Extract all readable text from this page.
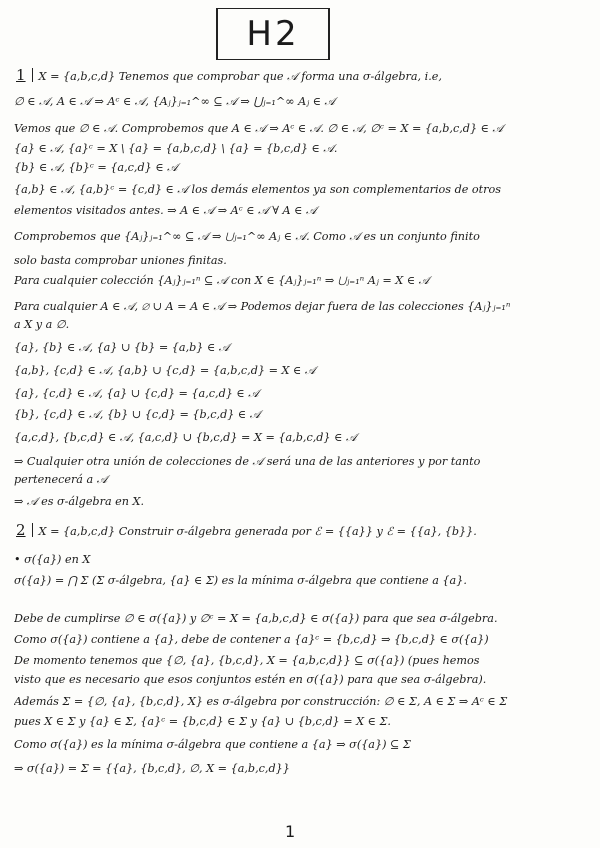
H2
1 X = {a,b,c,d} Tenemos que comprobar que 𝒜 forma una σ-álgebra, i.e,
∅ ∈ 𝒜, A ∈ 𝒜 ⇒ Aᶜ ∈ 𝒜, {Aⱼ}ⱼ₌₁^∞ ⊆ 𝒜 ⇒ ⋃ⱼ₌₁^∞ Aⱼ ∈ 𝒜
Vemos que ∅ ∈ 𝒜. Comprobemos que A ∈ 𝒜 ⇒ Aᶜ ∈ 𝒜. ∅ ∈ 𝒜, ∅ᶜ = X = {a,b,c,d} ∈ 𝒜
{a} ∈ 𝒜, {a}ᶜ = X \ {a} = {a,b,c,d} \ {a} = {b,c,d} ∈ 𝒜.
{b} ∈ 𝒜, {b}ᶜ = {a,c,d} ∈ 𝒜
{a,b} ∈ 𝒜, {a,b}ᶜ = {c,d} ∈ 𝒜 los demás elementos ya son complementarios de otros
elementos visitados antes. ⇒ A ∈ 𝒜 ⇒ Aᶜ ∈ 𝒜 ∀ A ∈ 𝒜
Comprobemos que {Aⱼ}ⱼ₌₁^∞ ⊆ 𝒜 ⇒ ⋃ⱼ₌₁^∞ Aⱼ ∈ 𝒜. Como 𝒜 es un conjunto finito
solo basta comprobar uniones finitas.
Para cualquier colección {Aⱼ}ⱼ₌₁ⁿ ⊆ 𝒜 con X ∈ {Aⱼ}ⱼ₌₁ⁿ ⇒ ⋃ⱼ₌₁ⁿ Aⱼ = X ∈ 𝒜
Para cualquier A ∈ 𝒜, ∅ ∪ A = A ∈ 𝒜 ⇒ Podemos dejar fuera de las colecciones {Aⱼ}ⱼ₌₁ⁿ
a X y a ∅.
{a}, {b} ∈ 𝒜, {a} ∪ {b} = {a,b} ∈ 𝒜
{a,b}, {c,d} ∈ 𝒜, {a,b} ∪ {c,d} = {a,b,c,d} = X ∈ 𝒜
{a}, {c,d} ∈ 𝒜, {a} ∪ {c,d} = {a,c,d} ∈ 𝒜
{b}, {c,d} ∈ 𝒜, {b} ∪ {c,d} = {b,c,d} ∈ 𝒜
{a,c,d}, {b,c,d} ∈ 𝒜, {a,c,d} ∪ {b,c,d} = X = {a,b,c,d} ∈ 𝒜
⇒ Cualquier otra unión de colecciones de 𝒜 será una de las anteriores y por tanto
pertenecerá a 𝒜
⇒ 𝒜 es σ-álgebra en X.
2 X = {a,b,c,d} Construir σ-álgebra generada por ℰ = {{a}} y ℰ = {{a}, {b}}.
• σ({a}) en X
σ({a}) = ⋂ Σ (Σ σ-álgebra, {a} ∈ Σ) es la mínima σ-álgebra que contiene a {a}.
Debe de cumplirse ∅ ∈ σ({a}) y ∅ᶜ = X = {a,b,c,d} ∈ σ({a}) para que sea σ-álgebra.
Como σ({a}) contiene a {a}, debe de contener a {a}ᶜ = {b,c,d} ⇒ {b,c,d} ∈ σ({a})
De momento tenemos que {∅, {a}, {b,c,d}, X = {a,b,c,d}} ⊆ σ({a}) (pues hemos
visto que es necesario que esos conjuntos estén en σ({a}) para que sea σ-álgebra).
Además Σ = {∅, {a}, {b,c,d}, X} es σ-álgebra por construcción: ∅ ∈ Σ, A ∈ Σ ⇒ Aᶜ ∈ Σ
pues X ∈ Σ y {a} ∈ Σ, {a}ᶜ = {b,c,d} ∈ Σ y {a} ∪ {b,c,d} = X ∈ Σ.
Como σ({a}) es la mínima σ-álgebra que contiene a {a} ⇒ σ({a}) ⊆ Σ
⇒ σ({a}) = Σ = {{a}, {b,c,d}, ∅, X = {a,b,c,d}}
1
